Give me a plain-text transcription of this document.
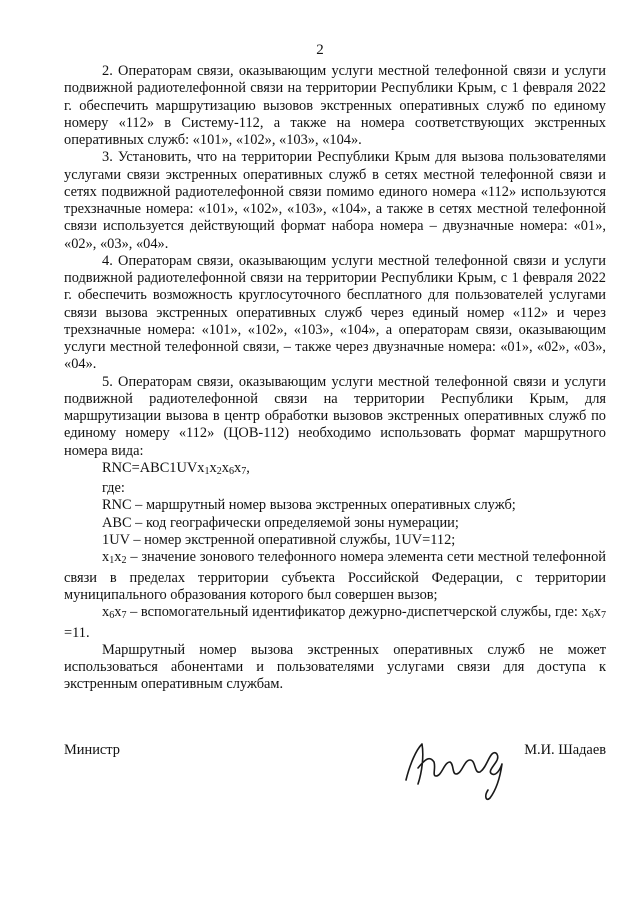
2

2. Операторам связи, оказывающим услуги местной телефонной связи и услуги подвижной радиотелефонной связи на территории Республики Крым, с 1 февраля 2022 г. обеспечить маршрутизацию вызовов экстренных оперативных служб по единому номеру «112» в Систему-112, а также на номера соответствующих экстренных оперативных служб: «101», «102», «103», «104».

3. Установить, что на территории Республики Крым для вызова пользователями услугами связи экстренных оперативных служб в сетях местной телефонной связи и сетях подвижной радиотелефонной связи помимо единого номера «112» используются трехзначные номера: «101», «102», «103», «104», а также в сетях местной телефонной связи используется действующий формат набора номера – двузначные номера: «01», «02», «03», «04».

4. Операторам связи, оказывающим услуги местной телефонной связи и услуги подвижной радиотелефонной связи на территории Республики Крым, с 1 февраля 2022 г. обеспечить возможность круглосуточного бесплатного для пользователей услугами связи вызова экстренных оперативных служб через единый номер «112» и через трехзначные номера: «101», «102», «103», «104», а операторам связи, оказывающим услуги местной телефонной связи, – также через двузначные номера: «01», «02», «03», «04».

5. Операторам связи, оказывающим услуги местной телефонной связи и услуги подвижной радиотелефонной связи на территории Республики Крым, для маршрутизации вызова в центр обработки вызовов экстренных оперативных служб по единому номеру «112» (ЦОВ-112) необходимо использовать формат маршрутного номера вида:

$RNC=ABC1UVx_1x_2x_6x_7$,

где:

RNC – маршрутный номер вызова экстренных оперативных служб;

ABC – код географически определяемой зоны нумерации;

1UV – номер экстренной оперативной службы, 1UV=112;

$x_1x_2$ – значение зонового телефонного номера элемента сети местной телефонной связи в пределах территории субъекта Российской Федерации, с территории муниципального образования которого был совершен вызов;

$x_6x_7$ – вспомогательный идентификатор дежурно-диспетчерской службы, где: $x_6x_7 =11$.

Маршрутный номер вызова экстренных оперативных служб не может использоваться абонентами и пользователями услугами связи для доступа к экстренным оперативным службам.

Министр	М.И. Шадаев
